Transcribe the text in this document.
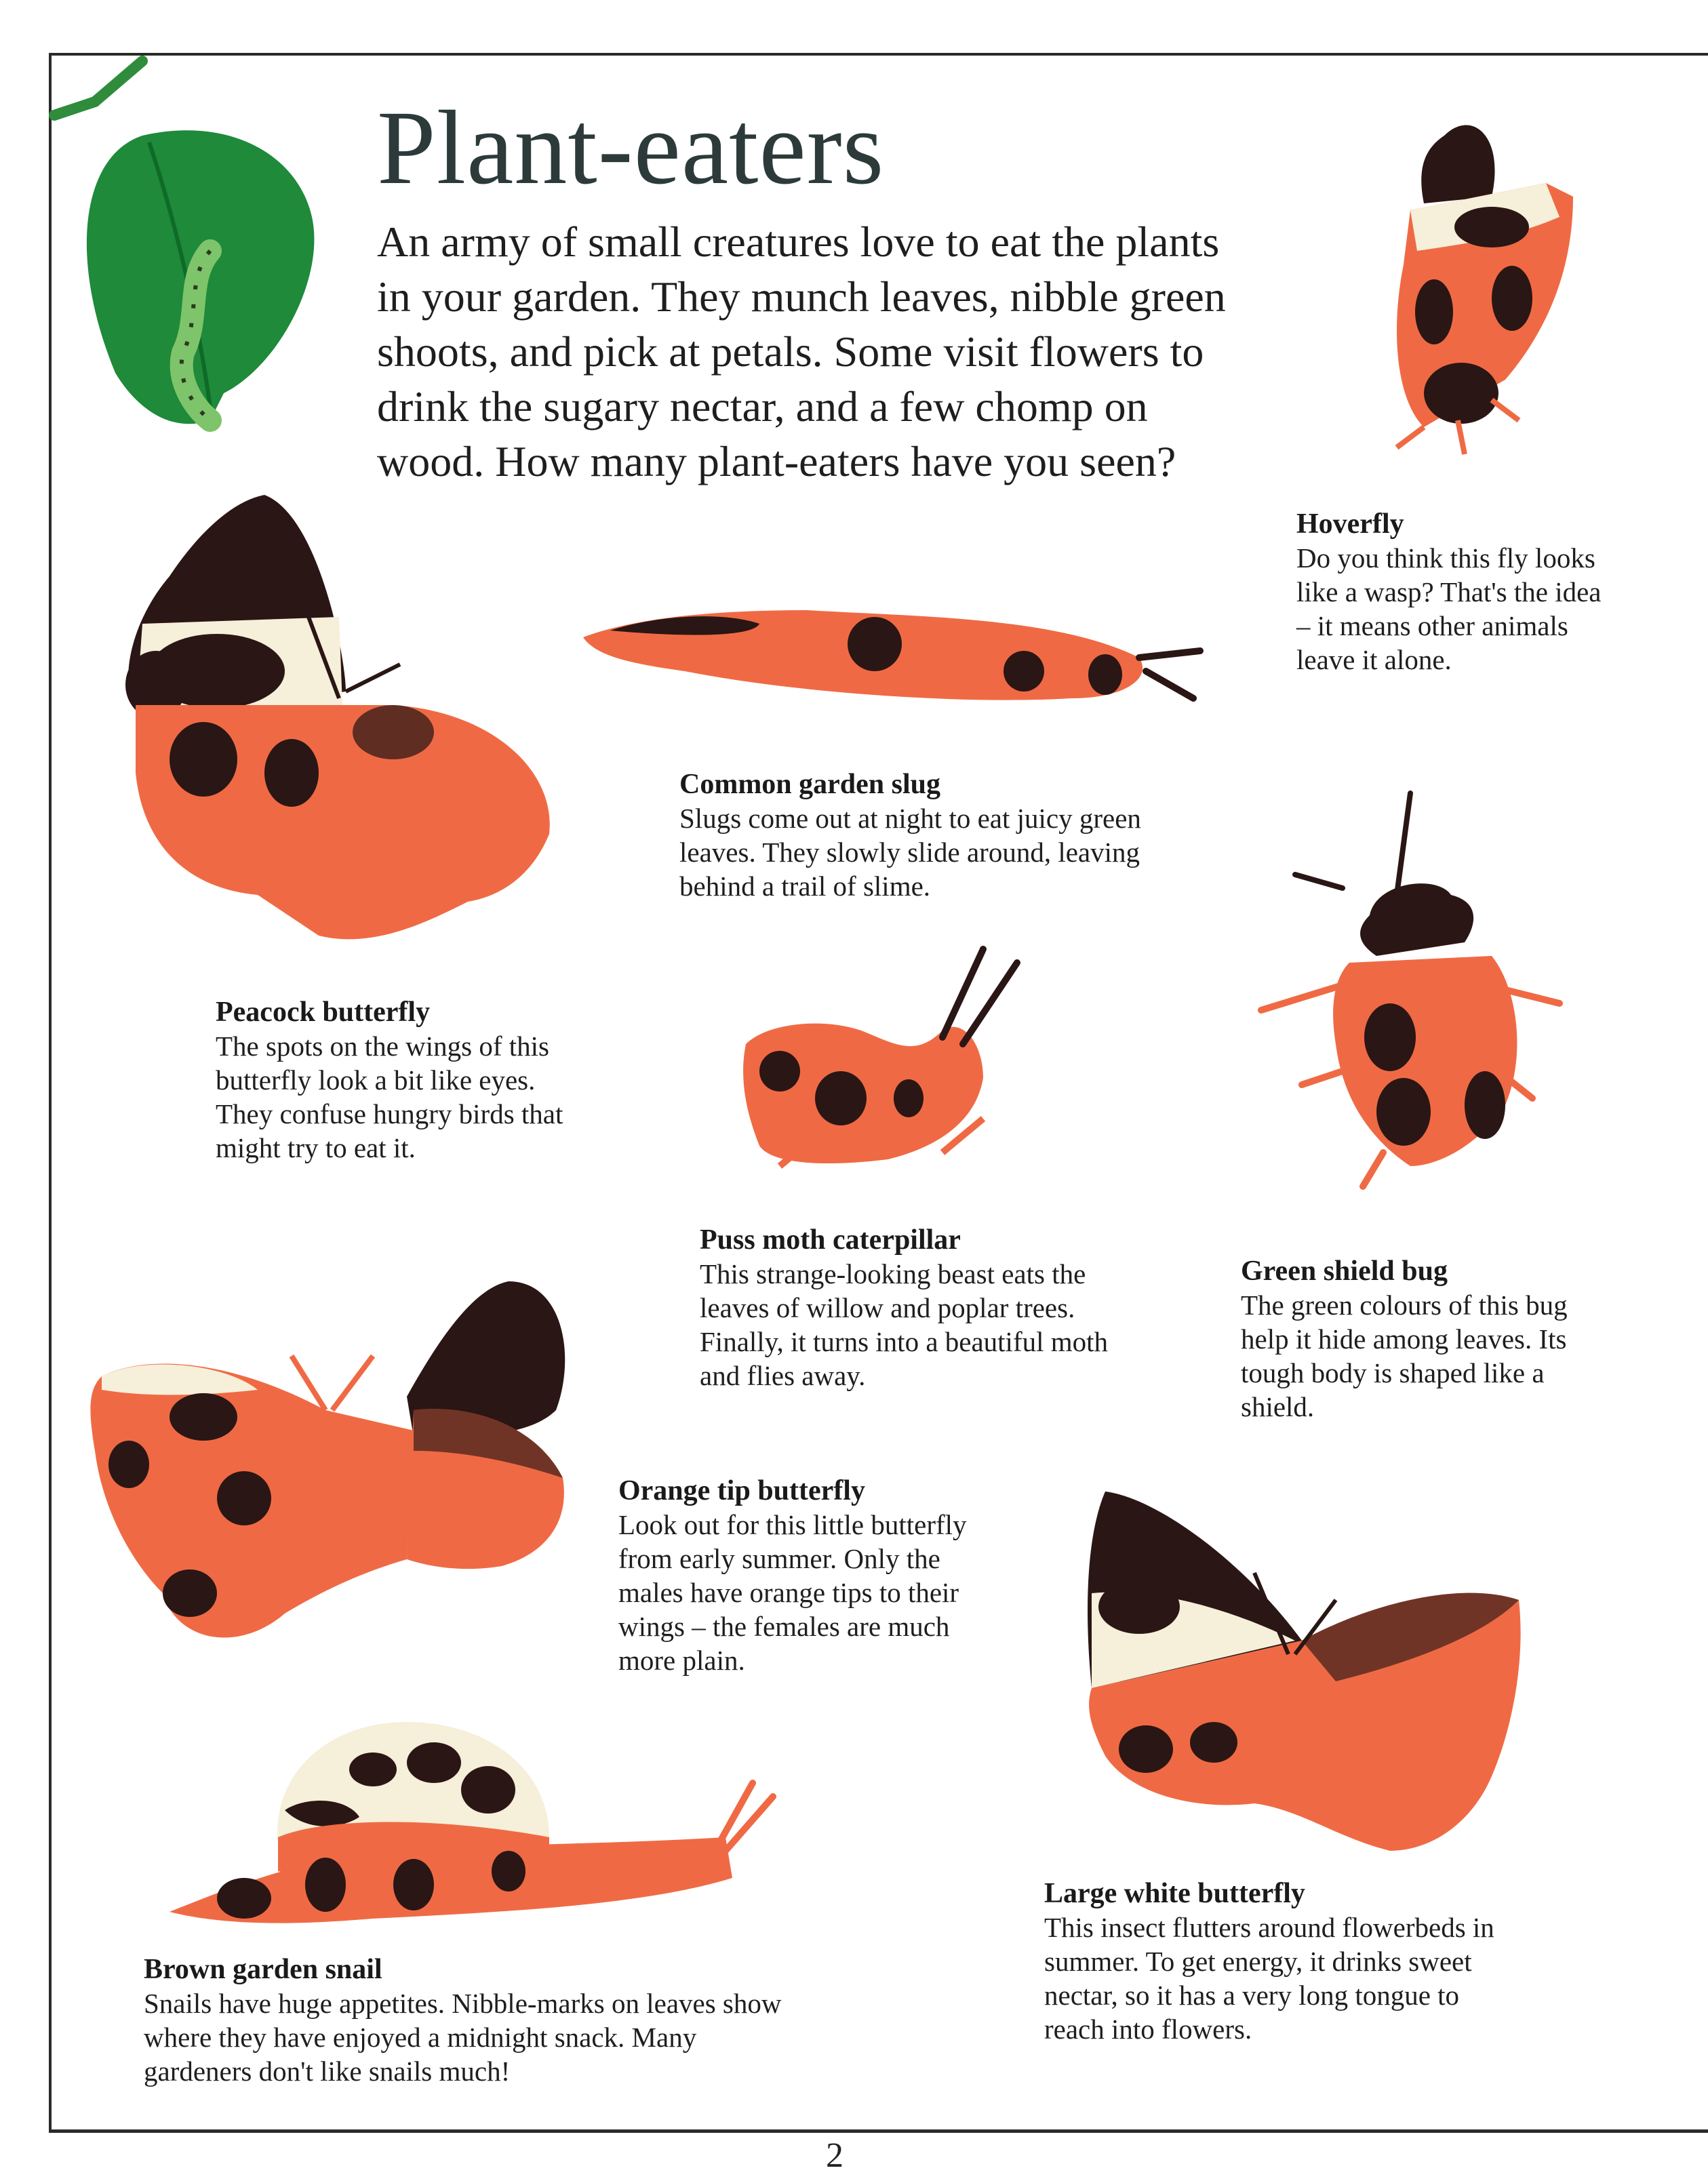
Plant-eaters

An army of small creatures love to eat the plants in your garden. They munch leaves, nibble green shoots, and pick at petals. Some visit flowers to drink the sugary nectar, and a few chomp on wood. How many plant-eaters have you seen?

Hoverfly

Do you think this fly looks like a wasp? That's the idea – it means other animals leave it alone.

Peacock butterfly

The spots on the wings of this butterfly look a bit like eyes. They confuse hungry birds that might try to eat it.

Common garden slug

Slugs come out at night to eat juicy green leaves. They slowly slide around, leaving behind a trail of slime.

Puss moth caterpillar

This strange-looking beast eats the leaves of willow and poplar trees. Finally, it turns into a beautiful moth and flies away.

Green shield bug

The green colours of this bug help it hide among leaves. Its tough body is shaped like a shield.

Orange tip butterfly

Look out for this little butterfly from early summer. Only the males have orange tips to their wings – the females are much more plain.

Large white butterfly

This insect flutters around flowerbeds in summer. To get energy, it drinks sweet nectar, so it has a very long tongue to reach into flowers.

Brown garden snail

Snails have huge appetites. Nibble-marks on leaves show where they have enjoyed a midnight snack. Many gardeners don't like snails much!

2
